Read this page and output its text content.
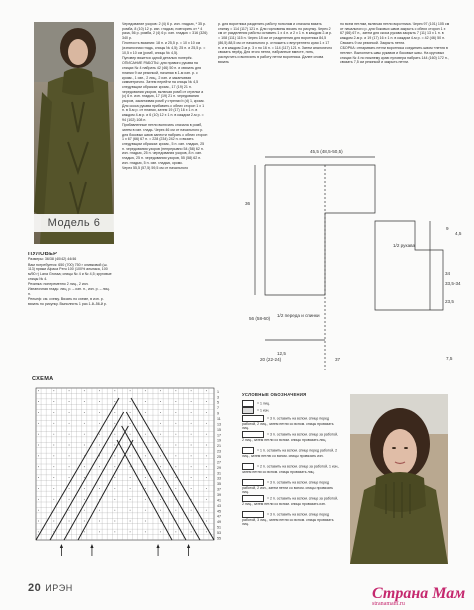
Модель 6

ПУЛОВЕР

Размеры: 36/38 (40/42) 44/46

Вам потребуется: 650 (700) 750 г оливковой (ш. 113) пряжи Alpaca Peru 100 (100% альпака, 100 м/50 г) Lana Grossa; спицы № 4 и № 4,5; круговые спицы № 4.

Резинка: попеременно 2 лиц., 2 изн.

Изнаночная гладь: лиц. р. – изн. п., изн. р. – лиц. п.

Рельеф: см. схему. Вязать по схеме, в изн. р. вязать по рисунку. Выполнить 1 раз 1-й–56-й р.

Чередование узоров: 2 (4) 6 р. изн. гладью, * 35 р. ромба, 8 (10) 12 р. изн. гладью, повторить от * 4 раза, 56 р. ромба, 2 (4) 6 р. изн. гладью = 316 (326) 340 р.

Плотность вязания: 18 п. и 25,5 р. = 10 х 10 см (изнаночная гладь, спицы № 4,5); 25 п. и 25,5 р. = 10,5 х 10 см (ромб, спицы № 4,5).

Пуловер вяжется одной деталью поперёк.

ОПИСАНИЕ РАБОТЫ: для правого рукава на спицах № 4 набрать 42 (46) 50 п. и связать для планки 9 см резинкой, начиная в 1-м изн. р. с кромк., 1 изн., 2 лиц., 2 изн. и заканчивая симметрично. Затем перейти на спицы № 4,5 следующим образом: кромк., 17 (19) 21 п. чередования узоров, включая ромб от стрелки а (с) 6 п. изн. гладью, 17 (19) 21 п. чередования узоров, заканчивая ромб у стрелки b (d) 1, кромк. Для скоса рукава прибавить с обеих сторон 1 х 1 п. в 5-м р. от планки, затем 19 (17) 16 х 1 п. в каждом 4-м р. и 6 (10) 12 х 1 п. в каждом 2-м р. = 94 (102) 108 п.

Прибавленные петли включать сначала в ромб, затем в изн. гладь. Через 46 см от начального р. для боковых швов занести набрать с обеих сторон 1 х 67 (66) 67 п. = 228 (234) 242 п. и вязать следующим образом: кромк., 5 п. изн. гладью, 25 п. чередования узоров (непрерывно 54 (58) 62 п. изн. гладью, 25 п. чередования узоров, 8 п. изн. гладью, 25 п. чередования узоров, 55 (58) 62 п. изн. гладью, 5 п. изн. гладью, кромк.

Через 55,5 (57,5) 59,5 см от начального

р. для воротника разделить работу пополам и сначала вязать спинку = 114 (117) 121 п. Для горловины вязать по рисунку. Через 2 см от разделения работы оставить 1 х 4 п. и 2 х 1 п. в каждом 2-м р. = 108 (111) 115 п. Через 18 см от разделения для воротника 84,5 (86,5) 88,5 см от начального р. отложить с внутреннего края 1 х 17 п. и в каждом 2-м р. 3 х по 16 п. = 114 (117) 121 п. Затем аналогично связать перёд. Для этого петли, набранные вместе, нить, распустить и включить в работу петли воротника. Далее снова вязать

по всем петлям, включая петли воротника. Через 97 (101) 105 см от начального р. для боковых швов закрыть с обеих сторон 1 х 67 (66) 67 п., затем для скоса рукава закрыть 7 (11) 13 х 1 п. в каждом 2-м р. и 19 (17) 16 х 1 п. в каждом 4-м р. = 42 (46) 50 п. Связать 9 см резинкой. Закрыть петли.

СБОРКА: отпаривать петли воротника соединить швом «петля в петлю». Выполнить швы рукавов и боковые швы. На круговых спицах № 4 по нижнему краю пуловера набрать 144 (160) 172 п., связать 7,5 см резинкой и закрыть петли.

45,5 (48,5-50,5)
36
9
4,5
56 (58-60)
20 (22-24)	37	7,5
34
33,5-34
23,5
1/2 переда и спинки
1/2 рукава
12,5
СХЕМА
55
53
51
49
47
45
43
41
39
37
35
33
31
29
27
25
23
21
19
17
15
13
11
9
7
5
3
1
УСЛОВНЫЕ ОБОЗНАЧЕНИЯ
= 1 лиц.
= 1 изн.
= 3 п. оставить на вспом. спице перед работой, 2 лиц., затем петли со вспом. спицы провязать лиц.
= 3 п. оставить на вспом. спице за работой, 2 лиц., затем петли со вспом. спицы провязать лиц.
= 1 п. оставить на вспом. спице перед работой, 2 лиц., затем петлю со вспом. спицы провязать изн.
= 2 п. оставить на вспом. спице за работой, 1 изн., затем петли со вспом. спицы провязать лиц.
= 3 п. оставить на вспом. спице перед работой, 2 изн., затем петли со вспом. спицы провязать лиц.
= 2 п. оставить на вспом. спице за работой, 2 лиц., затем петли со вспом. спицы провязать изн.
= 3 п. оставить на вспом. спице перед работой, 3 лиц., затем петли со вспом. спицы провязать лиц.
20 ИРЭН	Страна Мам
stranamam.ru
